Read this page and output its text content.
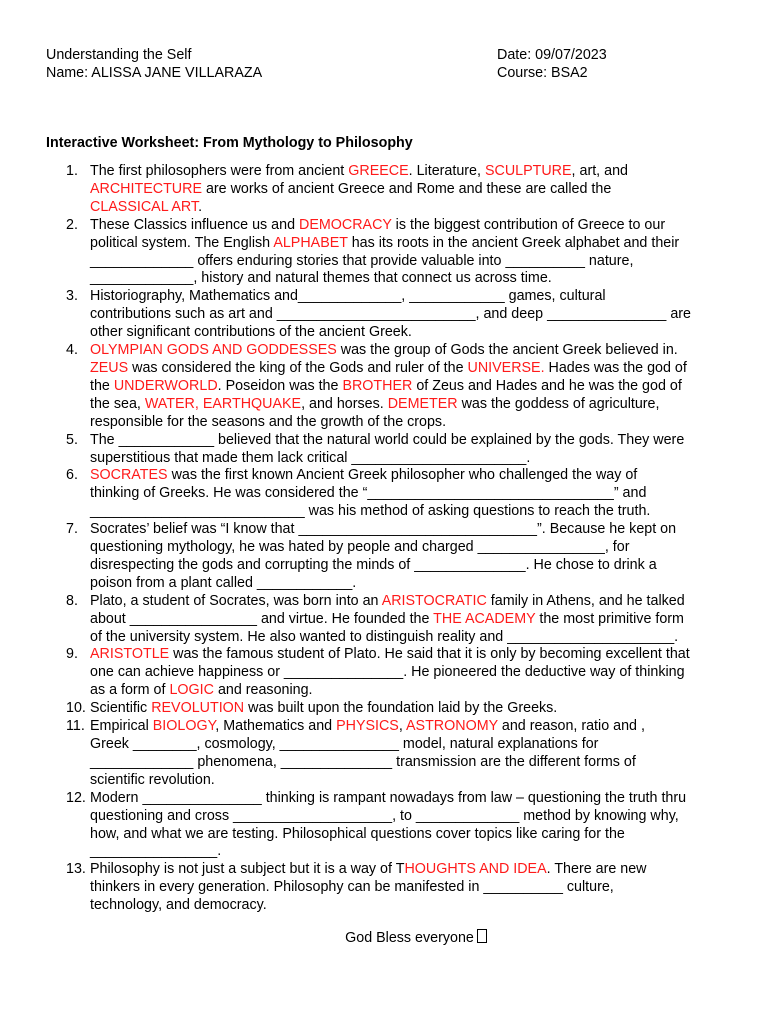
Understanding the Self
Name: ALISSA JANE VILLARAZA
Date: 09/07/2023
Course: BSA2
Interactive Worksheet: From Mythology to Philosophy
1. The first philosophers were from ancient GREECE. Literature, SCULPTURE, art, and
ARCHITECTURE are works of ancient Greece and Rome and these are called the
CLASSICAL ART.
2. These Classics influence us and DEMOCRACY is the biggest contribution of Greece to our
political system. The English ALPHABET has its roots in the ancient Greek alphabet and their
_____________ offers enduring stories that provide valuable into __________ nature,
_____________, history and natural themes that connect us across time.
3. Historiography, Mathematics and_____________, ____________ games, cultural
contributions such as art and _________________________, and deep _______________ are
other significant contributions of the ancient Greek.
4. OLYMPIAN GODS AND GODDESSES was the group of Gods the ancient Greek believed in.
ZEUS was considered the king of the Gods and ruler of the UNIVERSE. Hades was the god of
the UNDERWORLD. Poseidon was the BROTHER of Zeus and Hades and he was the god of
the sea, WATER, EARTHQUAKE, and horses. DEMETER was the goddess of agriculture,
responsible for the seasons and the growth of the crops.
5. The ____________ believed that the natural world could be explained by the gods. They were
superstitious that made them lack critical ______________________.
6. SOCRATES was the first known Ancient Greek philosopher who challenged the way of
thinking of Greeks. He was considered the “_______________________________” and
___________________________ was his method of asking questions to reach the truth.
7. Socrates’ belief was “I know that ______________________________”. Because he kept on
questioning mythology, he was hated by people and charged ________________, for
disrespecting the gods and corrupting the minds of ______________. He chose to drink a
poison from a plant called ____________.
8. Plato, a student of Socrates, was born into an ARISTOCRATIC family in Athens, and he talked
about ________________ and virtue. He founded the THE ACADEMY the most primitive form
of the university system. He also wanted to distinguish reality and _____________________.
9. ARISTOTLE was the famous student of Plato. He said that it is only by becoming excellent that
one can achieve happiness or _______________. He pioneered the deductive way of thinking
as a form of LOGIC and reasoning.
10. Scientific REVOLUTION was built upon the foundation laid by the Greeks.
11. Empirical BIOLOGY, Mathematics and PHYSICS, ASTRONOMY and reason, ratio and ,
Greek ________, cosmology, _______________ model, natural explanations for
_____________ phenomena, ______________ transmission are the different forms of
scientific revolution.
12. Modern _______________ thinking is rampant nowadays from law – questioning the truth thru
questioning and cross ____________________, to _____________ method by knowing why,
how, and what we are testing. Philosophical questions cover topics like caring for the
________________.
13. Philosophy is not just a subject but it is a way of THOUGHTS AND IDEA. There are new
thinkers in every generation. Philosophy can be manifested in __________ culture,
technology, and democracy.
God Bless everyone
